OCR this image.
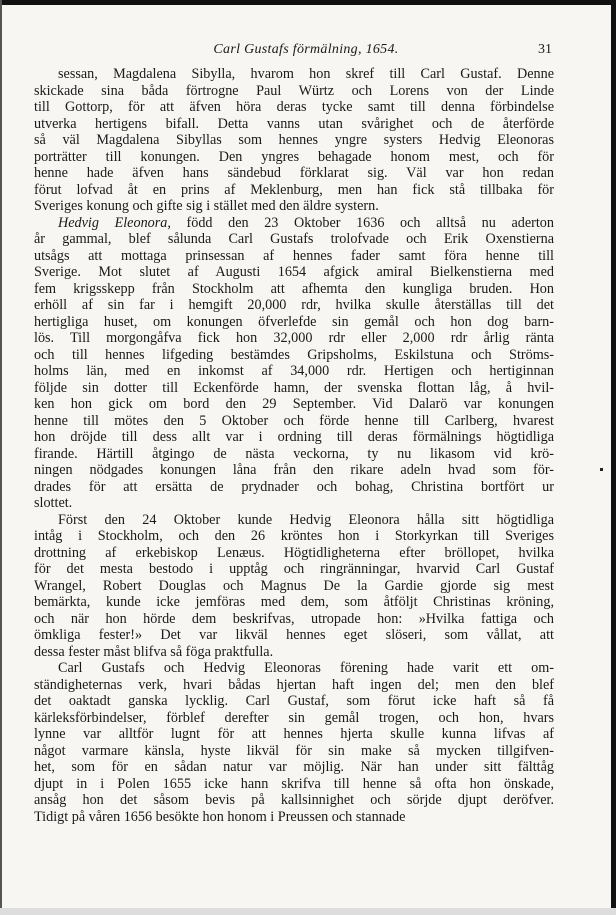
Carl Gustafs förmälning, 1654.	31
sessan, Magdalena Sibylla, hvarom hon skref till Carl Gustaf. Denne
skickade sina båda förtrogne Paul Würtz och Lorens von der Linde
till Gottorp, för att äfven höra deras tycke samt till denna förbindelse
utverka hertigens bifall. Detta vanns utan svårighet och de återförde
så väl Magdalena Sibyllas som hennes yngre systers Hedvig Eleonoras
porträtter till konungen. Den yngres behagade honom mest, och för
henne hade äfven hans sändebud förklarat sig. Väl var hon redan
förut lofvad åt en prins af Meklenburg, men han fick stå tillbaka för
Sveriges konung och gifte sig i stället med den äldre systern.
Hedvig Eleonora, född den 23 Oktober 1636 och alltså nu aderton
år gammal, blef sålunda Carl Gustafs trolofvade och Erik Oxenstierna
utsågs att mottaga prinsessan af hennes fader samt föra henne till
Sverige. Mot slutet af Augusti 1654 afgick amiral Bielkenstierna med
fem krigsskepp från Stockholm att afhemta den kungliga bruden. Hon
erhöll af sin far i hemgift 20,000 rdr, hvilka skulle återställas till det
hertigliga huset, om konungen öfverlefde sin gemål och hon dog barn-
lös. Till morgongåfva fick hon 32,000 rdr eller 2,000 rdr årlig ränta
och till hennes lifgeding bestämdes Gripsholms, Eskilstuna och Ströms-
holms län, med en inkomst af 34,000 rdr. Hertigen och hertiginnan
följde sin dotter till Eckenförde hamn, der svenska flottan låg, å hvil-
ken hon gick om bord den 29 September. Vid Dalarö var konungen
henne till mötes den 5 Oktober och förde henne till Carlberg, hvarest
hon dröjde till dess allt var i ordning till deras förmälnings högtidliga
firande. Härtill åtgingo de nästa veckorna, ty nu likasom vid krö-
ningen nödgades konungen låna från den rikare adeln hvad som för-
drades för att ersätta de prydnader och bohag, Christina bortfört ur
slottet.
Först den 24 Oktober kunde Hedvig Eleonora hålla sitt högtidliga
intåg i Stockholm, och den 26 kröntes hon i Storkyrkan till Sveriges
drottning af erkebiskop Lenæus. Högtidligheterna efter bröllopet, hvilka
för det mesta bestodo i upptåg och ringränningar, hvarvid Carl Gustaf
Wrangel, Robert Douglas och Magnus De la Gardie gjorde sig mest
bemärkta, kunde icke jemföras med dem, som åtföljt Christinas kröning,
och när hon hörde dem beskrifvas, utropade hon: »Hvilka fattiga och
ömkliga fester!» Det var likväl hennes eget slöseri, som vållat, att
dessa fester måst blifva så föga praktfulla.
Carl Gustafs och Hedvig Eleonoras förening hade varit ett om-
ständigheternas verk, hvari bådas hjertan haft ingen del; men den blef
det oaktadt ganska lycklig. Carl Gustaf, som förut icke haft så få
kärleksförbindelser, förblef derefter sin gemål trogen, och hon, hvars
lynne var alltför lugnt för att hennes hjerta skulle kunna lifvas af
något varmare känsla, hyste likväl för sin make så mycken tillgifven-
het, som för en sådan natur var möjlig. När han under sitt fälttåg
djupt in i Polen 1655 icke hann skrifva till henne så ofta hon önskade,
ansåg hon det såsom bevis på kallsinnighet och sörjde djupt deröfver.
Tidigt på våren 1656 besökte hon honom i Preussen och stannade
